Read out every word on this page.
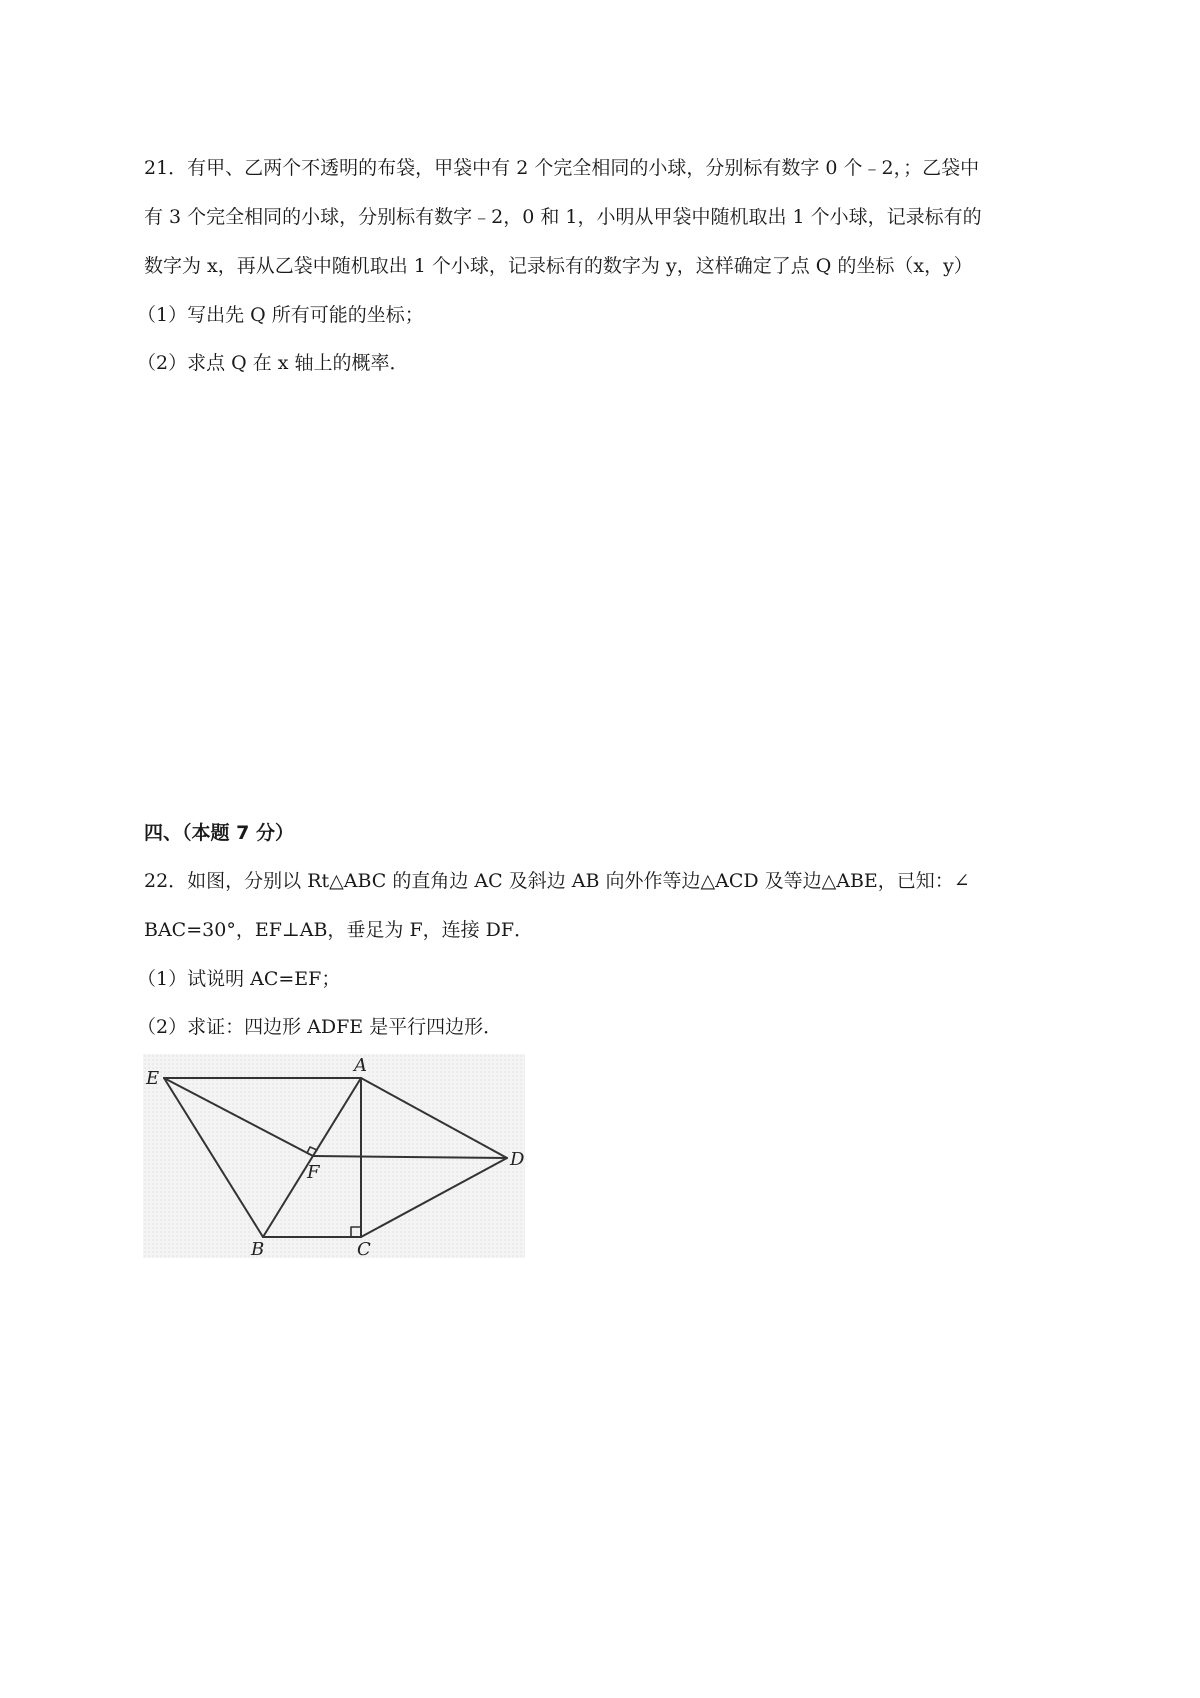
21．有甲、乙两个不透明的布袋，甲袋中有 2 个完全相同的小球，分别标有数字 0 个﹣2，；乙袋中
有 3 个完全相同的小球，分别标有数字﹣2，0 和 1，小明从甲袋中随机取出 1 个小球，记录标有的
数字为 x，再从乙袋中随机取出 1 个小球，记录标有的数字为 y，这样确定了点 Q 的坐标（x，y）
（1）写出先 Q 所有可能的坐标；
（2）求点 Q 在 x 轴上的概率．
四、（本题 7 分）
22．如图，分别以 Rt△ABC 的直角边 AC 及斜边 AB 向外作等边△ACD 及等边△ABE，已知：∠
BAC=30°，EF⊥AB，垂足为 F，连接 DF．
（1）试说明 AC=EF；
（2）求证：四边形 ADFE 是平行四边形．
A
E
D
F
B	C
